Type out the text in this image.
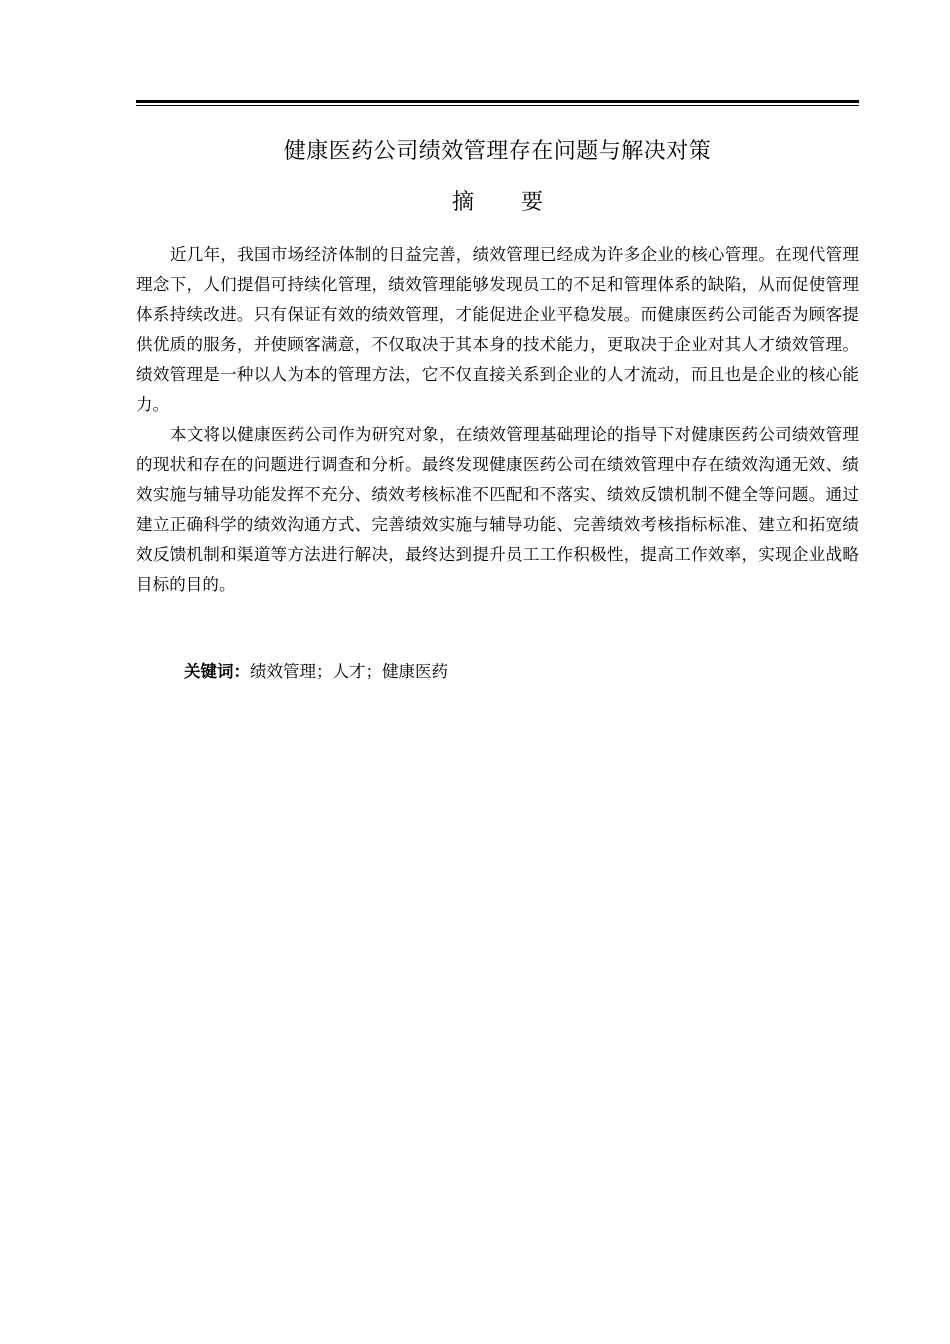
健康医药公司绩效管理存在问题与解决对策
摘 要

近几年，我国市场经济体制的日益完善，绩效管理已经成为许多企业的核心管理。在现代管理理念下，人们提倡可持续化管理，绩效管理能够发现员工的不足和管理体系的缺陷，从而促使管理体系持续改进。只有保证有效的绩效管理，才能促进企业平稳发展。而健康医药公司能否为顾客提供优质的服务，并使顾客满意，不仅取决于其本身的技术能力，更取决于企业对其人才绩效管理。绩效管理是一种以人为本的管理方法，它不仅直接关系到企业的人才流动，而且也是企业的核心能力。

本文将以健康医药公司作为研究对象，在绩效管理基础理论的指导下对健康医药公司绩效管理的现状和存在的问题进行调查和分析。最终发现健康医药公司在绩效管理中存在绩效沟通无效、绩效实施与辅导功能发挥不充分、绩效考核标准不匹配和不落实、绩效反馈机制不健全等问题。通过建立正确科学的绩效沟通方式、完善绩效实施与辅导功能、完善绩效考核指标标准、建立和拓宽绩效反馈机制和渠道等方法进行解决，最终达到提升员工工作积极性，提高工作效率，实现企业战略目标的目的。

关键词：绩效管理；人才；健康医药
